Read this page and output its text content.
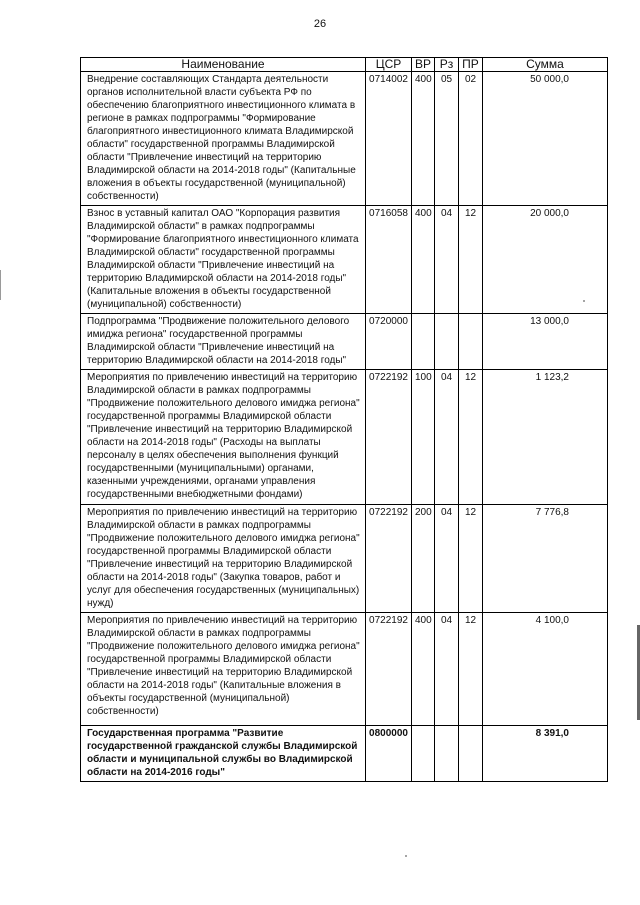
26
Наименование	ЦСР	ВР	Рз	ПР	Сумма
Внедрение составляющих Стандарта деятельности органов исполнительной власти субъекта РФ по обеспечению благоприятного инвестиционного климата в регионе в рамках подпрограммы "Формирование благоприятного инвестиционного климата Владимирской области" государственной программы Владимирской области "Привлечение инвестиций на территорию Владимирской области на 2014-2018 годы" (Капитальные вложения в объекты государственной (муниципальной) собственности)	0714002	400	05	02	50 000,0
Взнос в уставный капитал ОАО "Корпорация развития Владимирской области" в рамках подпрограммы "Формирование благоприятного инвестиционного климата Владимирской области" государственной программы Владимирской области "Привлечение инвестиций на территорию Владимирской области на 2014-2018 годы" (Капитальные вложения в объекты государственной (муниципальной) собственности)	0716058	400	04	12	20 000,0
Подпрограмма "Продвижение положительного делового имиджа региона" государственной программы Владимирской области "Привлечение инвестиций на территорию Владимирской области на 2014-2018 годы"	0720000				13 000,0
Мероприятия по привлечению инвестиций на территорию Владимирской области в рамках подпрограммы "Продвижение положительного делового имиджа региона" государственной программы Владимирской области "Привлечение инвестиций на территорию Владимирской области на 2014-2018 годы" (Расходы на выплаты персоналу в целях обеспечения выполнения функций государственными (муниципальными) органами, казенными учреждениями, органами управления государственными внебюджетными фондами)	0722192	100	04	12	1 123,2
Мероприятия по привлечению инвестиций на территорию Владимирской области в рамках подпрограммы "Продвижение положительного делового имиджа региона" государственной программы Владимирской области "Привлечение инвестиций на территорию Владимирской области на 2014-2018 годы" (Закупка товаров, работ и услуг для обеспечения государственных (муниципальных) нужд)	0722192	200	04	12	7 776,8
Мероприятия по привлечению инвестиций на территорию Владимирской области в рамках подпрограммы "Продвижение положительного делового имиджа региона" государственной программы Владимирской области "Привлечение инвестиций на территорию Владимирской области на 2014-2018 годы" (Капитальные вложения в объекты государственной (муниципальной) собственности)	0722192	400	04	12	4 100,0
Государственная программа "Развитие государственной гражданской службы Владимирской области и муниципальной службы во Владимирской области на 2014-2016 годы"	0800000				8 391,0
